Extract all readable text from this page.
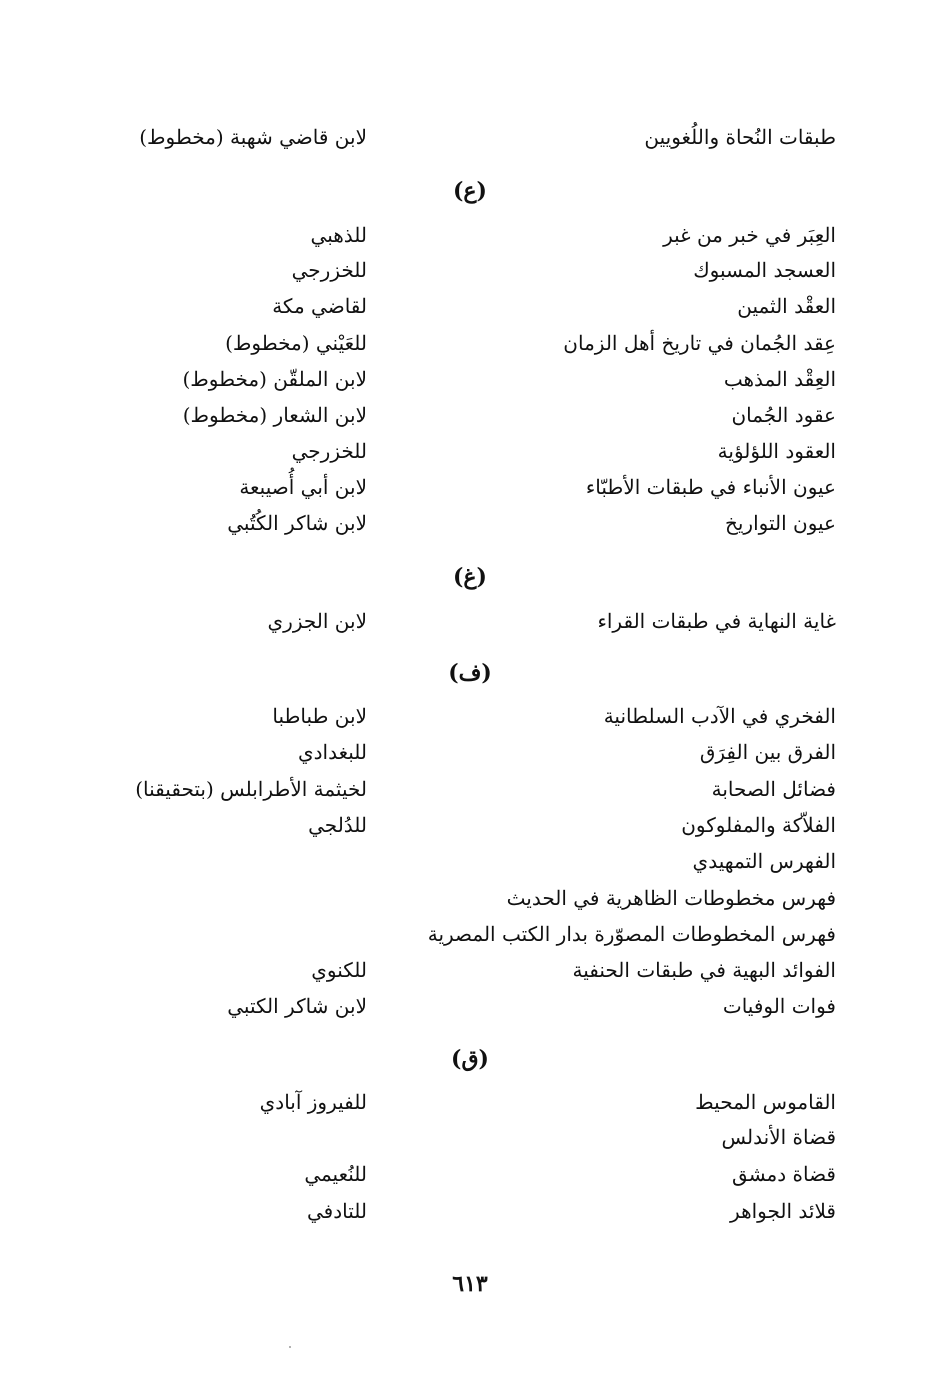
طبقات النُحاة واللُغويين
لابن قاضي شهبة (مخطوط)
(ع)
العِبَر في خبر من غبر
للذهبي
العسجد المسبوك
للخزرجي
العقْد الثمين
لقاضي مكة
عِقد الجُمان في تاريخ أهل الزمان
للعَيْني (مخطوط)
العِقْد المذهب
لابن الملقّن (مخطوط)
عقود الجُمان
لابن الشعار (مخطوط)
العقود اللؤلؤية
للخزرجي
عيون الأنباء في طبقات الأطبّاء
لابن أبي أُصيبعة
عيون التواريخ
لابن شاكر الكُتُبي
(غ)
غاية النهاية في طبقات القراء
لابن الجزري
(ف)
الفخري في الآدب السلطانية
لابن طباطبا
الفرق بين الفِرَق
للبغدادي
فضائل الصحابة
لخيثمة الأطرابلس (بتحقيقنا)
الفلاّكة والمفلوكون
للدُلجي
الفهرس التمهيدي
فهرس مخطوطات الظاهرية في الحديث
فهرس المخطوطات المصوّرة بدار الكتب المصرية
الفوائد البهية في طبقات الحنفية
للكنوي
فوات الوفيات
لابن شاكر الكتبي
(ق)
القاموس المحيط
للفيروز آبادي
قضاة الأندلس
قضاة دمشق
للنُعيمي
قلائد الجواهر
للتادفي
٦١٣
